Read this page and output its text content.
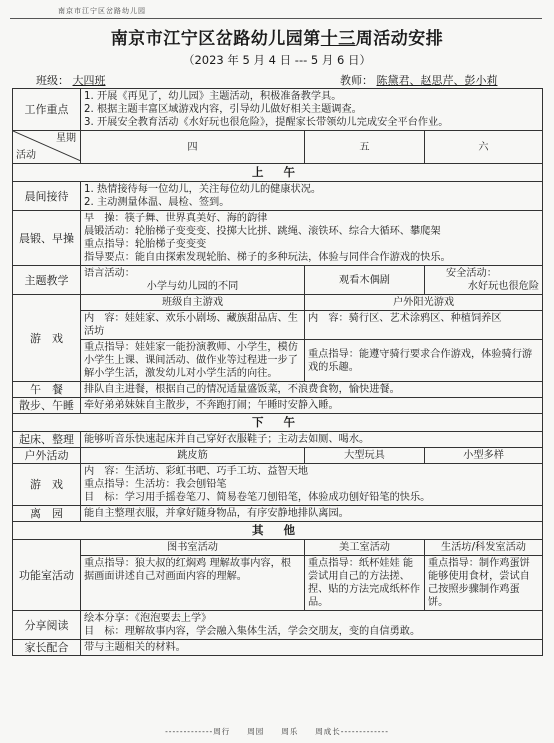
南京市江宁区岔路幼儿园
南京市江宁区岔路幼儿园第十三周活动安排
（2023 年 5 月 4 日 --- 5 月 6 日）
班级： 大四班	教师： 陈黛君、赵思芹、彭小莉
工作重点	1. 开展《再见了，幼儿园》主题活动，积极准备教学具。
2. 根据主题丰富区域游戏内容，引导幼儿做好相关主题调查。
3. 开展安全教育活动《水好玩也很危险》，提醒家长带领幼儿完成安全平台作业。		

星期
活动	四	五	六
上 午			
晨间接待	1. 热情接待每一位幼儿，关注每位幼儿的健康状况。
2. 主动测量体温、晨检、签到。		

晨锻、早操	早　操：筷子舞、世界真美好、海的韵律
晨锻活动：轮胎梯子变变变、投掷大比拼、跳绳、滚铁环、综合大循环、攀爬架
重点指导：轮胎梯子变变变
指导要点：能自由探索发现轮胎、梯子的多种玩法，体验与同伴合作游戏的快乐。		

主题教学	语言活动：
小学与幼儿园的不同	观看木偶剧	安全活动：
水好玩也很危险

游　戏	班级自主游戏	户外阳光游戏	
	内　容：娃娃家、欢乐小剧场、藏族甜品店、生活坊	内　容：骑行区、艺术涂鸦区、种植饲养区	
	重点指导：娃娃家一能扮演教师、小学生，模仿小学生上课、课间活动、做作业等过程进一步了解小学生活，激发幼儿对小学生活的向往。	重点指导：能遵守骑行要求合作游戏，体验骑行游戏的乐趣。	
午　餐	排队自主进餐，根据自己的情况适量盛饭菜，不浪费食物，愉快进餐。		
散步、午睡	牵好弟弟妹妹自主散步，不奔跑打闹；午睡时安静入睡。		
下 午			
起床、整理	能够听音乐快速起床并自己穿好衣服鞋子；主动去如厕、喝水。		
户外活动	跳皮筋	大型玩具	小型多样
游　戏	内　容：生活坊、彩虹书吧、巧手工坊、益智天地
重点指导：生活坊：我会刨铅笔
目　标：学习用手摇卷笔刀、简易卷笔刀刨铅笔，体验成功刨好铅笔的快乐。		

离　园	能自主整理衣服，并拿好随身物品，有序安静地排队离园。		
其 他			
功能室活动	图书室活动	美工室活动	生活坊/科发室活动
	重点指导：狼大叔的红焖鸡 理解故事内容，根据画面讲述自己对画面内容的理解。	重点指导：纸杯娃娃 能尝试用自己的方法搓、捏、贴的方法完成纸杯作品。	重点指导：制作鸡蛋饼 能够使用食材，尝试自己按照步骤制作鸡蛋饼。
分享阅读	绘本分享：《泡泡要去上学》
目　标：理解故事内容，学会融入集体生活，学会交朋友，变的自信勇敢。		

家长配合	带与主题相关的材料。		
-------------周行　　周园　　周乐　　周成长-------------
